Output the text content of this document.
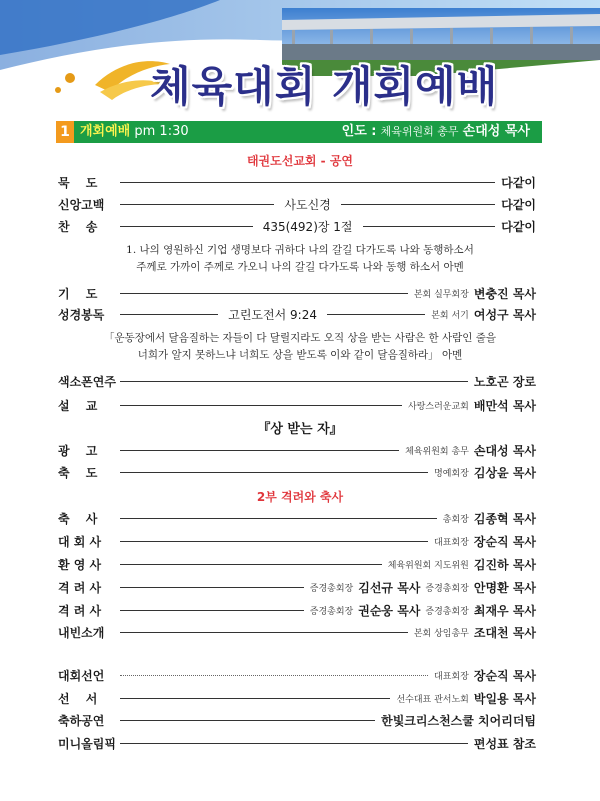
체육대회 개회예배
1 개회예배 pm 1:30	인도 : 체육위원회 총무 손대성 목사
태권도선교회 - 공연
묵 도	다같이
신앙고백	사도신경	다같이
찬 송	435(492)장 1절	다같이
1. 나의 영원하신 기업 생명보다 귀하다 나의 갈길 다가도록 나와 동행하소서
주께로 가까이 주께로 가오니 나의 갈길 다가도록 나와 동행 하소서 아멘
기 도	본회 실무회장 변충진 목사
성경봉독	고린도전서 9:24	본회 서기 여성구 목사
「운동장에서 달음질하는 자들이 다 달릴지라도 오직 상을 받는 사람은 한 사람인 줄을
너희가 알지 못하느냐 너희도 상을 받도록 이와 같이 달음질하라」 아멘
색소폰연주	노호곤 장로
설 교	사랑스러운교회 배만석 목사
『상 받는 자』
광 고	체육위원회 총무 손대성 목사
축 도	명예회장 김상윤 목사
2부 격려와 축사
축 사	총회장 김종혁 목사
대 회 사	대표회장 장순직 목사
환 영 사	체육위원회 지도위원 김진하 목사
격 려 사	증경총회장 김선규 목사 증경총회장 안명환 목사
격 려 사	증경총회장 권순웅 목사 증경총회장 최재우 목사
내빈소개	본회 상임총무 조대천 목사
대회선언	대표회장 장순직 목사
선 서	선수대표 관서노회 박일용 목사
축하공연	한빛크리스천스쿨 치어리더팀
미니올림픽	편성표 참조
